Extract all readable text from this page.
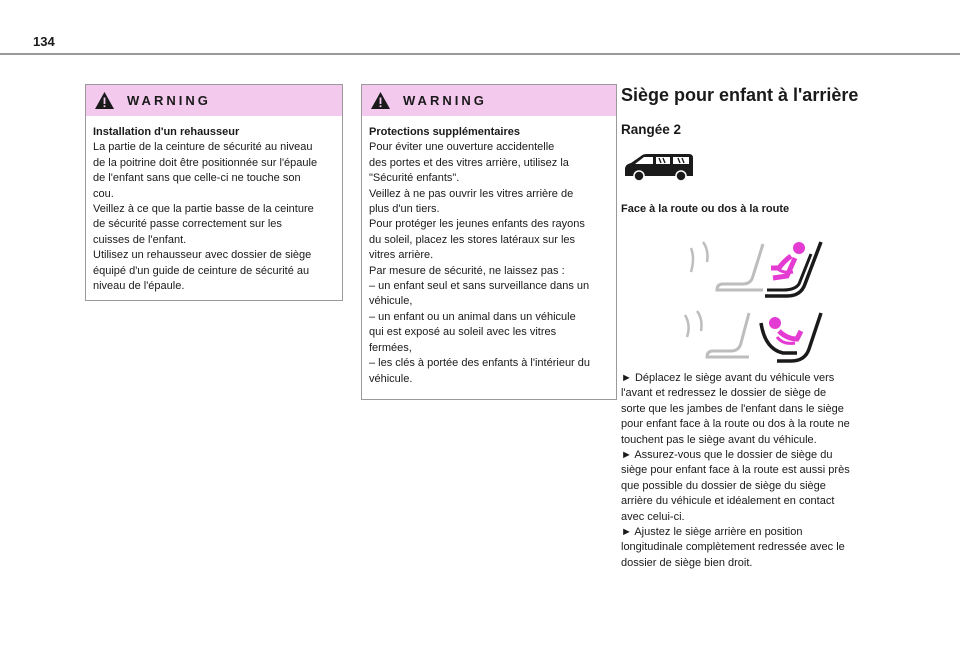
134
WARNING

Installation d'un rehausseur

La partie de la ceinture de sécurité au niveau

de la poitrine doit être positionnée sur l'épaule

de l'enfant sans que celle-ci ne touche son

cou.

Veillez à ce que la partie basse de la ceinture

de sécurité passe correctement sur les

cuisses de l'enfant.

Utilisez un rehausseur avec dossier de siège

équipé d'un guide de ceinture de sécurité au

niveau de l'épaule.

WARNING

Protections supplémentaires

Pour éviter une ouverture accidentelle

des portes et des vitres arrière, utilisez la

"Sécurité enfants".

Veillez à ne pas ouvrir les vitres arrière de

plus d'un tiers.

Pour protéger les jeunes enfants des rayons

du soleil, placez les stores latéraux sur les

vitres arrière.

Par mesure de sécurité, ne laissez pas :

– un enfant seul et sans surveillance dans un

véhicule,

– un enfant ou un animal dans un véhicule

qui est exposé au soleil avec les vitres

fermées,

– les clés à portée des enfants à l'intérieur du

véhicule.

Siège pour enfant à l'arrière
Rangée 2
Face à la route ou dos à la route

► Déplacez le siège avant du véhicule vers

l'avant et redressez le dossier de siège de

sorte que les jambes de l'enfant dans le siège

pour enfant face à la route ou dos à la route ne

touchent pas le siège avant du véhicule.

► Assurez-vous que le dossier de siège du

siège pour enfant face à la route est aussi près

que possible du dossier de siège du siège

arrière du véhicule et idéalement en contact

avec celui-ci.

► Ajustez le siège arrière en position

longitudinale complètement redressée avec le

dossier de siège bien droit.
